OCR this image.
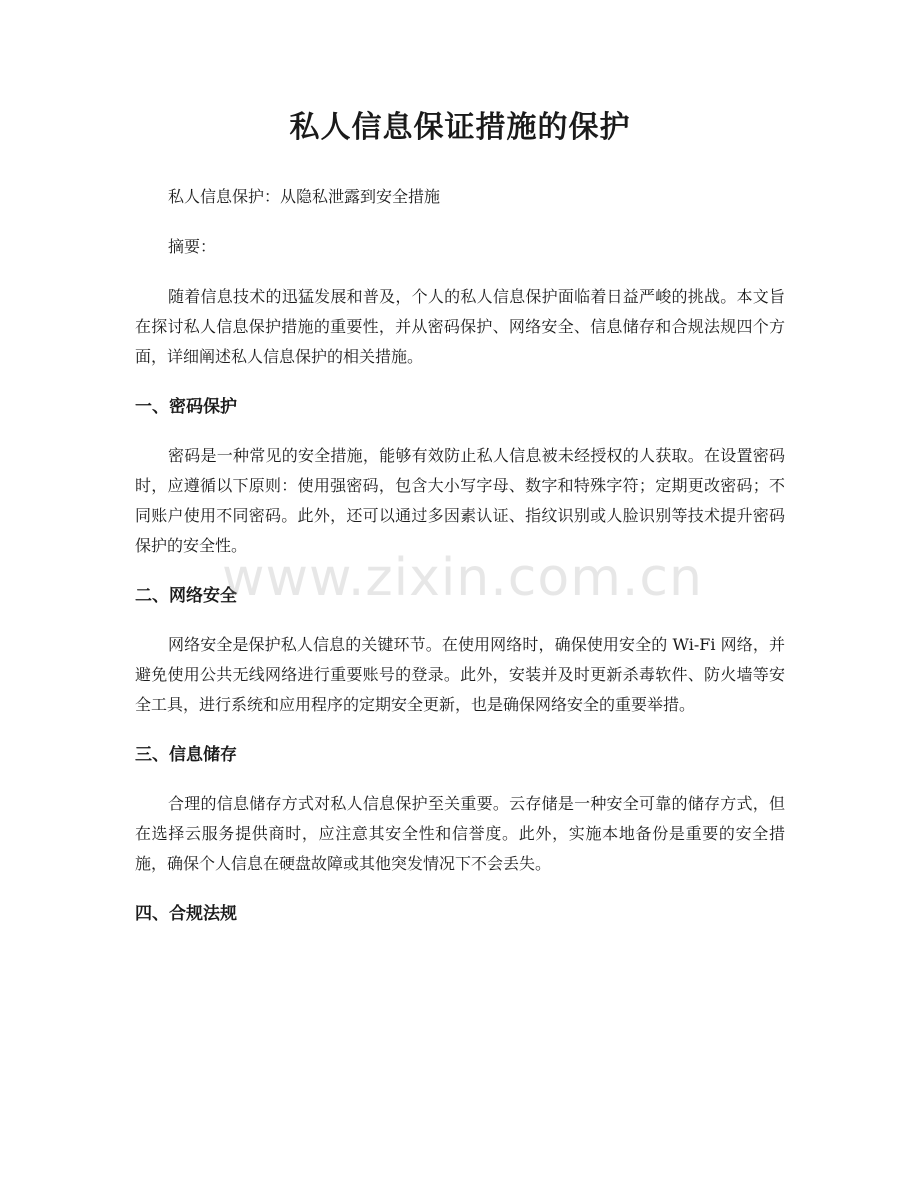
私人信息保证措施的保护

私人信息保护：从隐私泄露到安全措施

摘要：

随着信息技术的迅猛发展和普及，个人的私人信息保护面临着日益严峻的挑战。本文旨在探讨私人信息保护措施的重要性，并从密码保护、网络安全、信息储存和合规法规四个方面，详细阐述私人信息保护的相关措施。

一、密码保护

密码是一种常见的安全措施，能够有效防止私人信息被未经授权的人获取。在设置密码时，应遵循以下原则：使用强密码，包含大小写字母、数字和特殊字符；定期更改密码；不同账户使用不同密码。此外，还可以通过多因素认证、指纹识别或人脸识别等技术提升密码保护的安全性。

二、网络安全

网络安全是保护私人信息的关键环节。在使用网络时，确保使用安全的 Wi-Fi 网络，并避免使用公共无线网络进行重要账号的登录。此外，安装并及时更新杀毒软件、防火墙等安全工具，进行系统和应用程序的定期安全更新，也是确保网络安全的重要举措。

三、信息储存

合理的信息储存方式对私人信息保护至关重要。云存储是一种安全可靠的储存方式，但在选择云服务提供商时，应注意其安全性和信誉度。此外，实施本地备份是重要的安全措施，确保个人信息在硬盘故障或其他突发情况下不会丢失。

四、合规法规
www.zixin.com.cn
